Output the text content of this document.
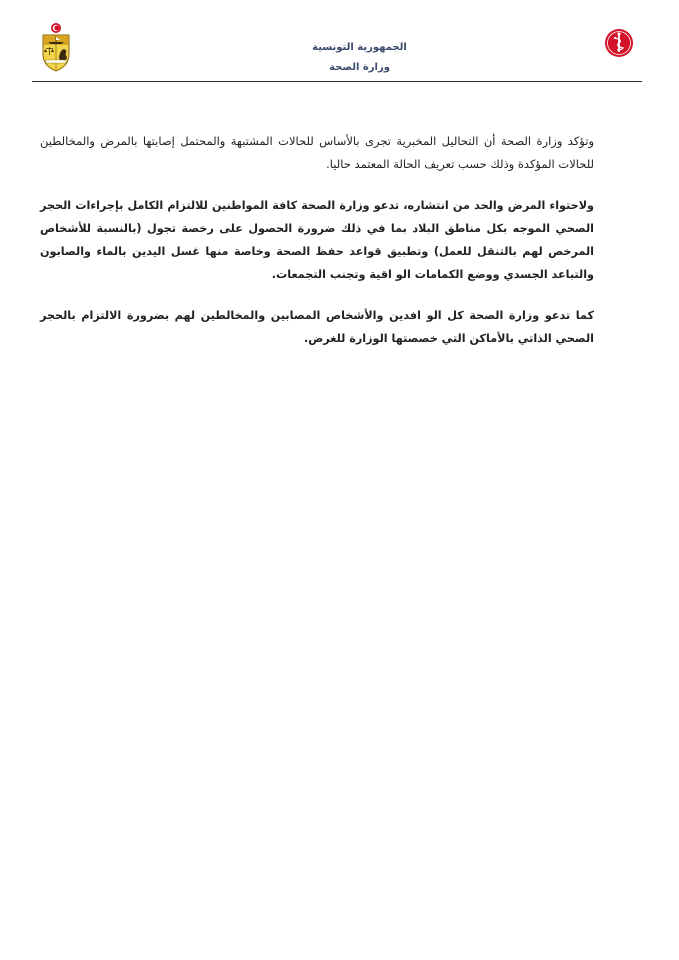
الجمهورية التونسية
وزارة الصحة

وتؤكد وزارة الصحة أن التحاليل المخبرية تجرى بالأساس للحالات المشتبهة والمحتمل إصابتها بالمرض والمخالطين للحالات المؤكدة وذلك حسب تعريف الحالة المعتمد حاليا.

ولاحتواء المرض والحد من انتشاره، تدعو وزارة الصحة كافة المواطنين للالتزام الكامل بإجراءات الحجر الصحي الموجه بكل مناطق البلاد بما في ذلك ضرورة الحصول على رخصة تجول (بالنسبة للأشخاص المرخص لهم بالتنقل للعمل) وتطبيق قواعد حفظ الصحة وخاصة منها غسل اليدين بالماء والصابون والتباعد الجسدي ووضع الكمامات الو اقية وتجنب التجمعات.

كما تدعو وزارة الصحة كل الو افدين والأشخاص المصابين والمخالطين لهم بضرورة الالتزام بالحجر الصحي الذاتي بالأماكن التي خصصتها الوزارة للغرض.
